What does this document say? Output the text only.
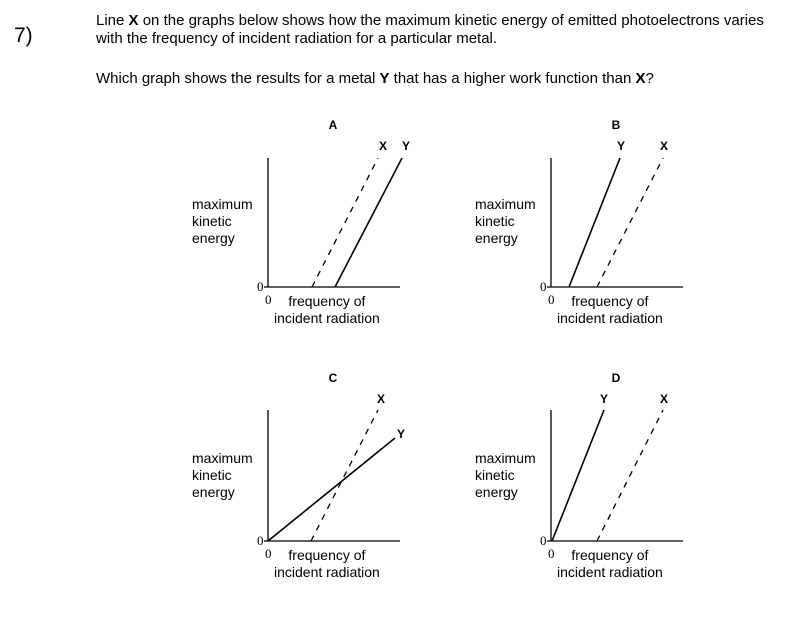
7)
Line X on the graphs below shows how the maximum kinetic energy of emitted photoelectrons varies with the frequency of incident radiation for a particular metal.
Which graph shows the results for a metal Y that has a higher work function than X?
maximum
kinetic
energy
A
X Y
0
0	frequency of
incident radiation
maximum
kinetic
energy
B
Y	X
0
0	frequency of
incident radiation
maximum
kinetic
energy
C
X
Y
0
0	frequency of
incident radiation
maximum
kinetic
energy
D
Y	X
0
0	frequency of
incident radiation
